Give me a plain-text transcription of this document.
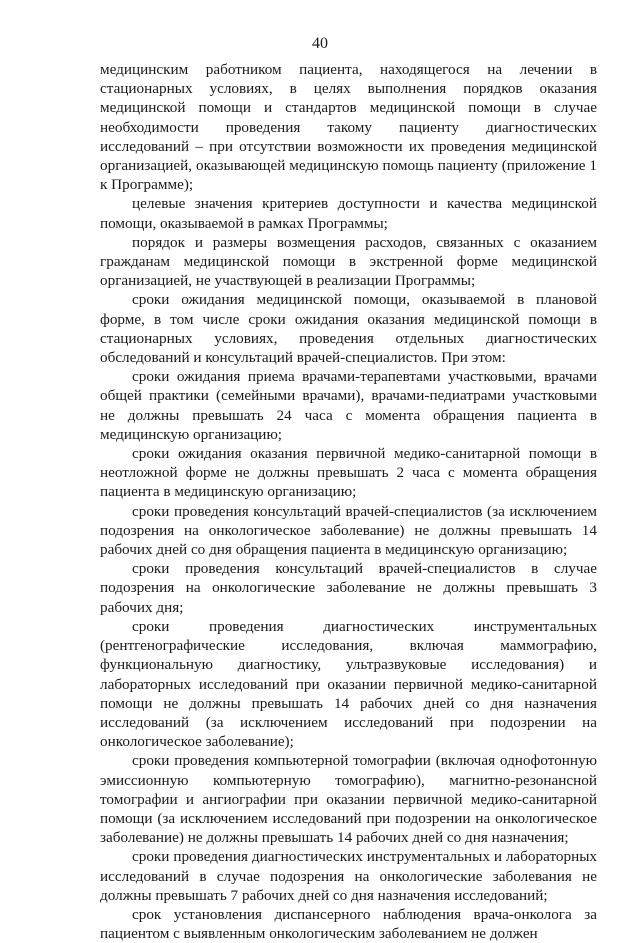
40

медицинским работником пациента, находящегося на лечении в стационарных условиях, в целях выполнения порядков оказания медицинской помощи и стандартов медицинской помощи в случае необходимости проведения такому пациенту диагностических исследований – при отсутствии возможности их проведения медицинской организацией, оказывающей медицинскую помощь пациенту (приложение 1 к Программе);

целевые значения критериев доступности и качества медицинской помощи, оказываемой в рамках Программы;

порядок и размеры возмещения расходов, связанных с оказанием гражданам медицинской помощи в экстренной форме медицинской организацией, не участвующей в реализации Программы;

сроки ожидания медицинской помощи, оказываемой в плановой форме, в том числе сроки ожидания оказания медицинской помощи в стационарных условиях, проведения отдельных диагностических обследований и консультаций врачей-специалистов. При этом:

сроки ожидания приема врачами-терапевтами участковыми, врачами общей практики (семейными врачами), врачами-педиатрами участковыми не должны превышать 24 часа с момента обращения пациента в медицинскую организацию;

сроки ожидания оказания первичной медико-санитарной помощи в неотложной форме не должны превышать 2 часа с момента обращения пациента в медицинскую организацию;

сроки проведения консультаций врачей-специалистов (за исключением подозрения на онкологическое заболевание) не должны превышать 14 рабочих дней со дня обращения пациента в медицинскую организацию;

сроки проведения консультаций врачей-специалистов в случае подозрения на онкологические заболевание не должны превышать 3 рабочих дня;

сроки проведения диагностических инструментальных (рентгенографические исследования, включая маммографию, функциональную диагностику, ультразвуковые исследования) и лабораторных исследований при оказании первичной медико-санитарной помощи не должны превышать 14 рабочих дней со дня назначения исследований (за исключением исследований при подозрении на онкологическое заболевание);

сроки проведения компьютерной томографии (включая однофотонную эмиссионную компьютерную томографию), магнитно-резонансной томографии и ангиографии при оказании первичной медико-санитарной помощи (за исключением исследований при подозрении на онкологическое заболевание) не должны превышать 14 рабочих дней со дня назначения;

сроки проведения диагностических инструментальных и лабораторных исследований в случае подозрения на онкологические заболевания не должны превышать 7 рабочих дней со дня назначения исследований;

срок установления диспансерного наблюдения врача-онколога за пациентом с выявленным онкологическим заболеванием не должен
